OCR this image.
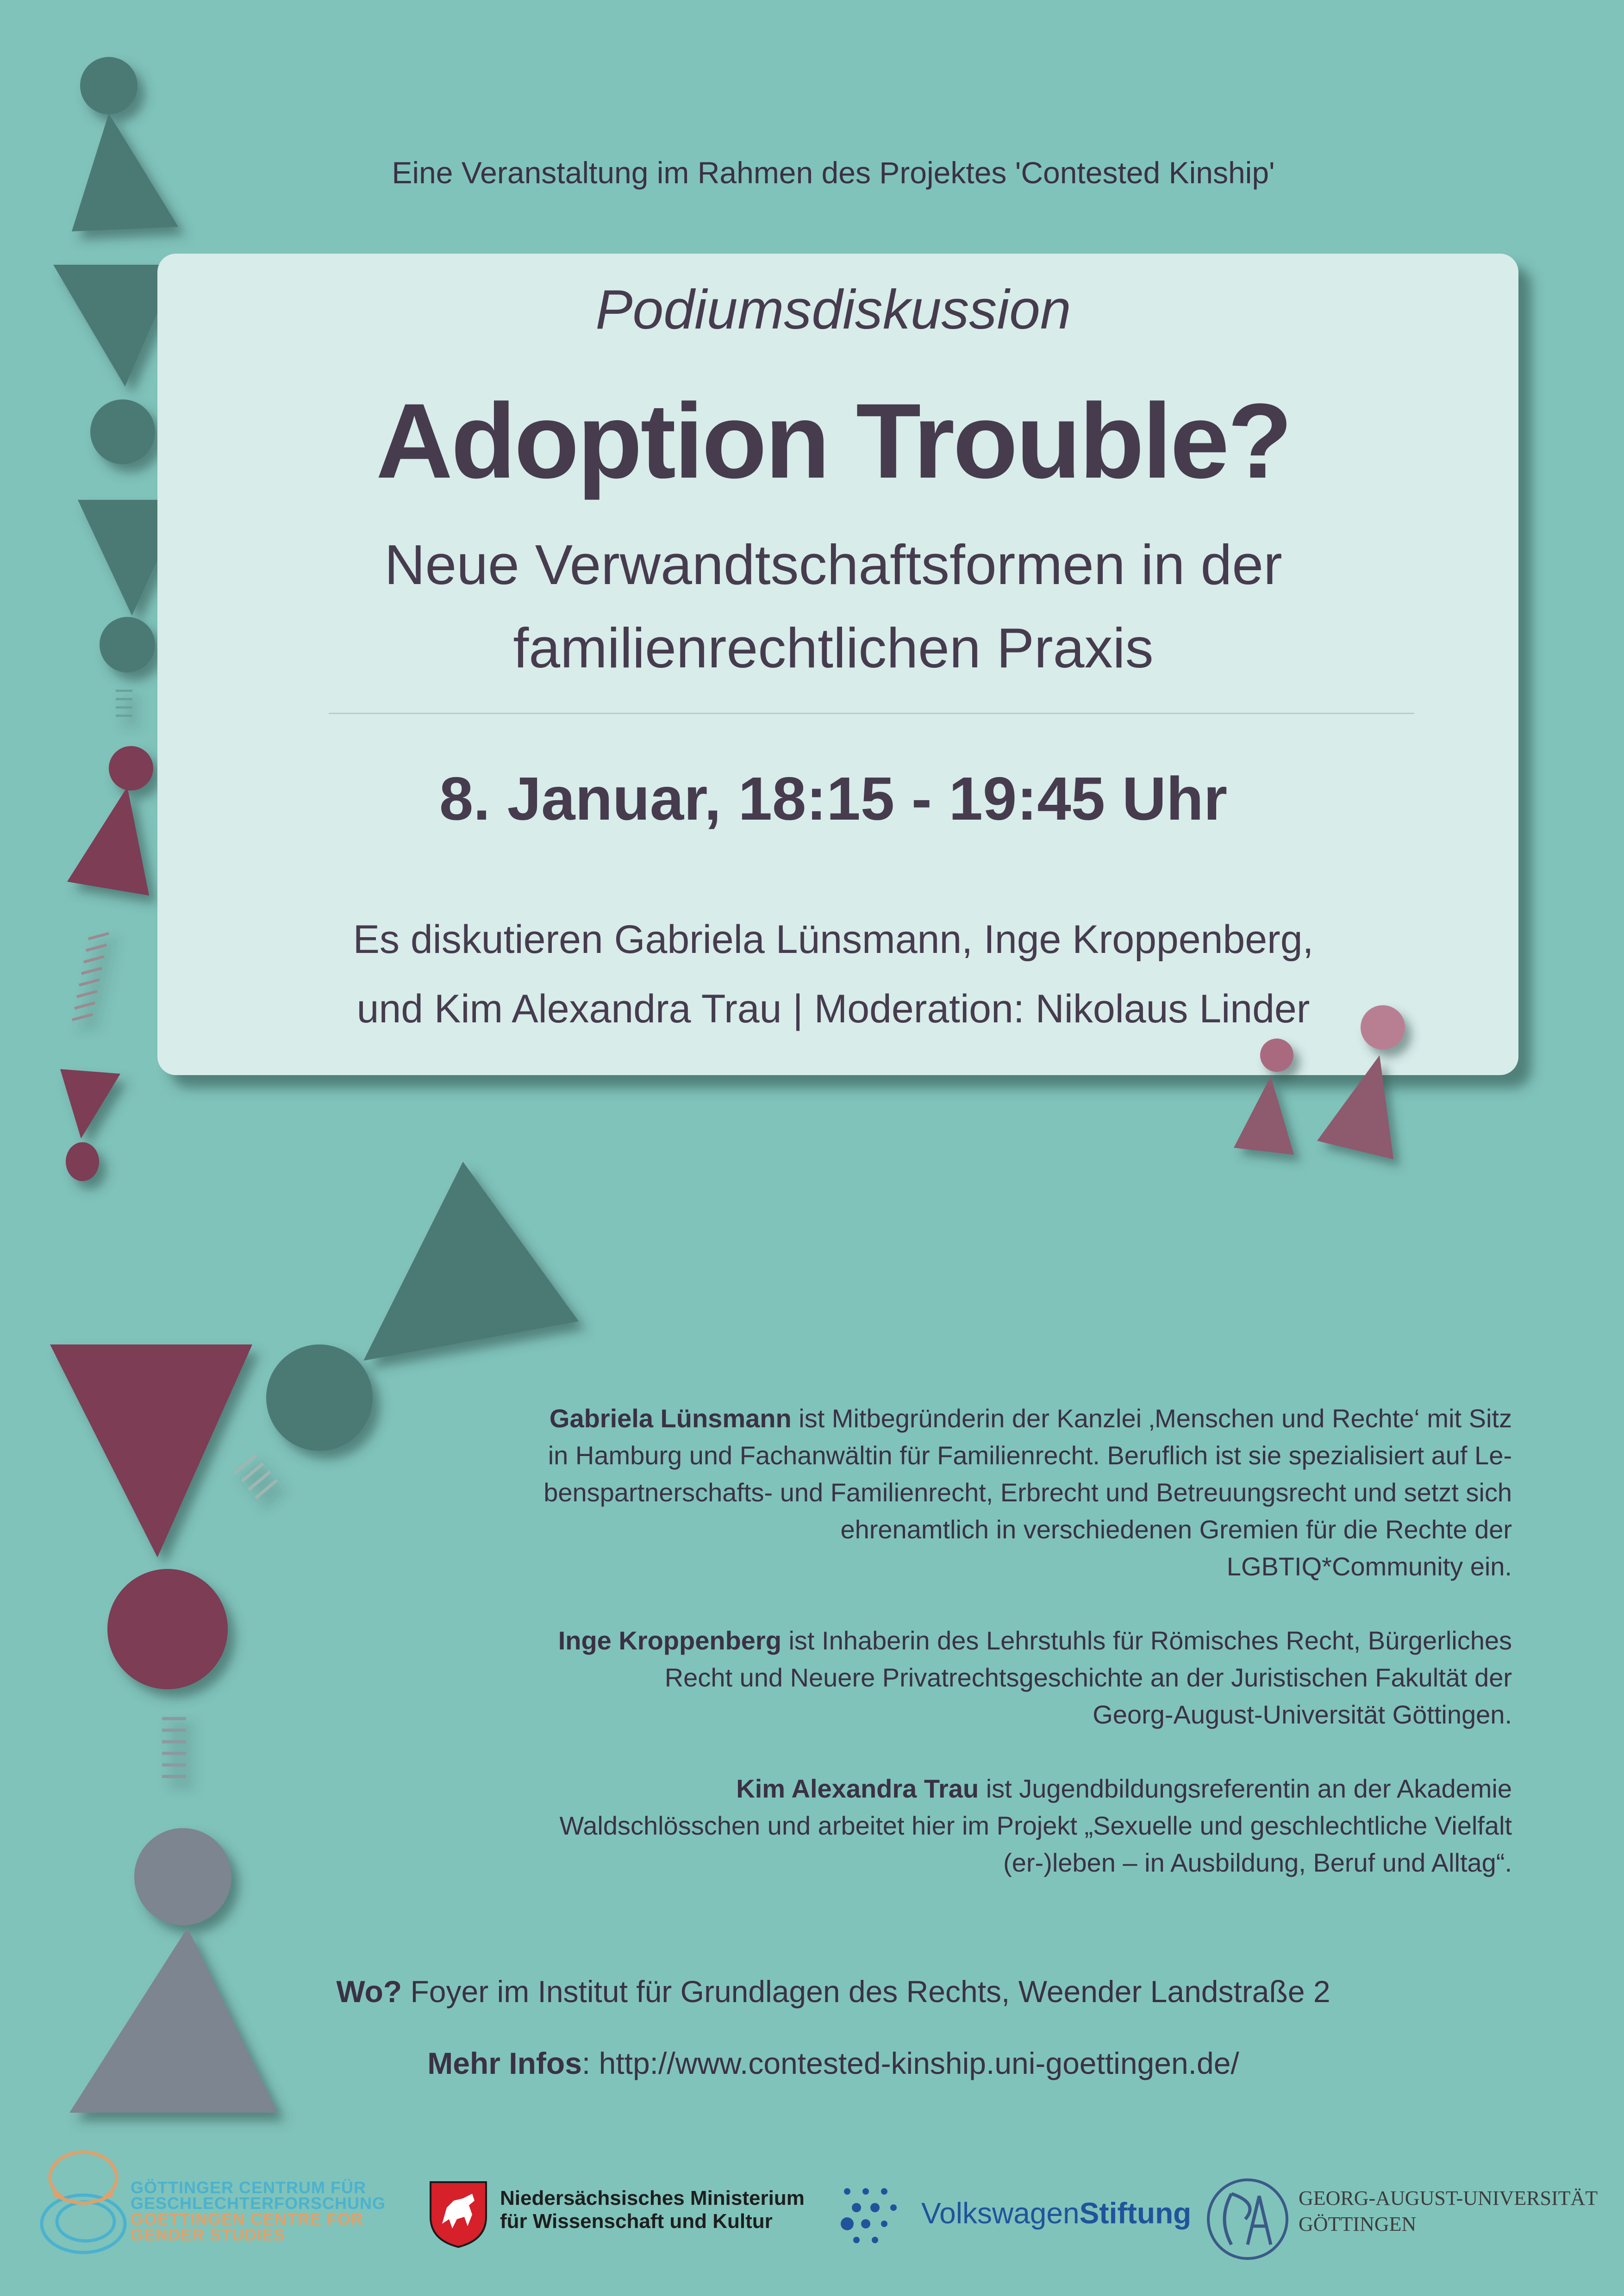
Eine Veranstaltung im Rahmen des Projektes 'Contested Kinship'
Podiumsdiskussion
Adoption Trouble?
Neue Verwandtschaftsformen in der
familienrechtlichen Praxis
8. Januar, 18:15 - 19:45 Uhr
Es diskutieren Gabriela Lünsmann, Inge Kroppenberg,
und Kim Alexandra Trau | Moderation: Nikolaus Linder

Gabriela Lünsmann ist Mitbegründerin der Kanzlei ‚Menschen und Rechte‘ mit Sitz
in Hamburg und Fachanwältin für Familienrecht. Beruflich ist sie spezialisiert auf Le-
benspartnerschafts- und Familienrecht, Erbrecht und Betreuungsrecht und setzt sich
ehrenamtlich in verschiedenen Gremien für die Rechte der
LGBTIQ*Community ein.

Inge Kroppenberg ist Inhaberin des Lehrstuhls für Römisches Recht, Bürgerliches
Recht und Neuere Privatrechtsgeschichte an der Juristischen Fakultät der
Georg-August-Universität Göttingen.

Kim Alexandra Trau ist Jugendbildungsreferentin an der Akademie
Waldschlösschen und arbeitet hier im Projekt „Sexuelle und geschlechtliche Vielfalt
(er-)leben – in Ausbildung, Beruf und Alltag“.

Wo? Foyer im Institut für Grundlagen des Rechts, Weender Landstraße 2
Mehr Infos: http://www.contested-kinship.uni-goettingen.de/
GÖTTINGER CENTRUM FÜR
GESCHLECHTERFORSCHUNG
GOETTINGEN CENTRE FOR
GENDER STUDIES
Niedersächsisches Ministerium
für Wissenschaft und Kultur	VolkswagenStiftung	GEORG-AUGUST-UNIVERSITÄT
GÖTTINGEN
